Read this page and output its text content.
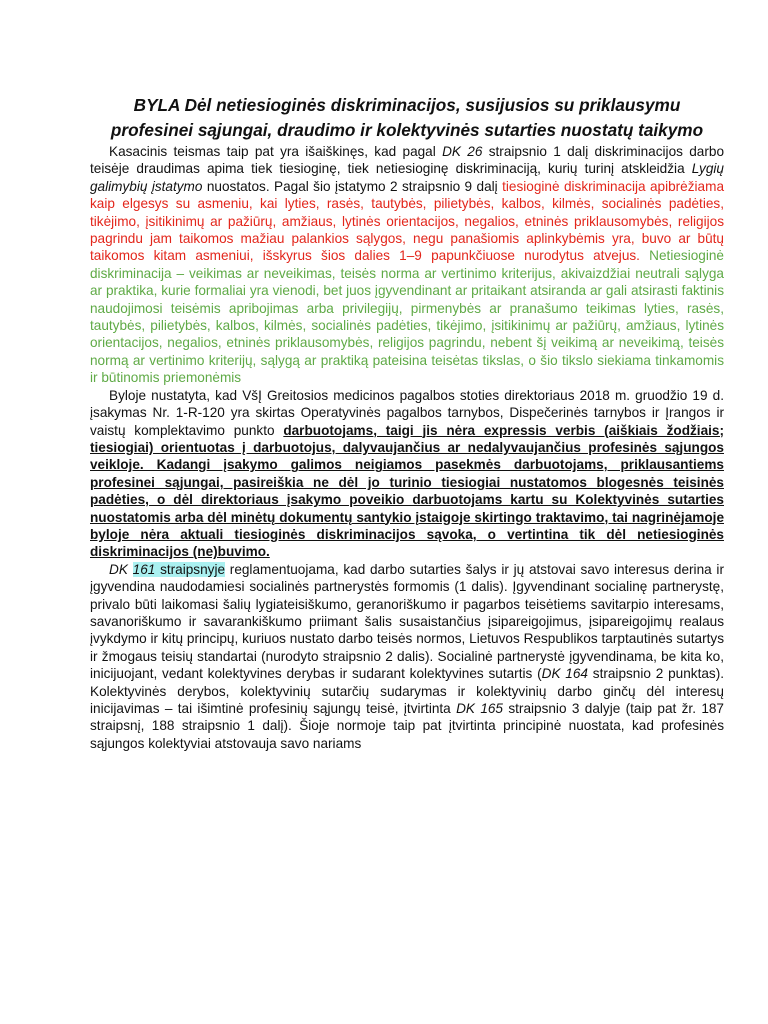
BYLA Dėl netiesioginės diskriminacijos, susijusios su priklausymu
profesinei sąjungai, draudimo ir kolektyvinės sutarties nuostatų taikymo

Kasacinis teismas taip pat yra išaiškinęs, kad pagal DK 26 straipsnio 1 dalį diskriminacijos darbo teisėje draudimas apima tiek tiesioginę, tiek netiesioginę diskriminaciją, kurių turinį atskleidžia Lygių galimybių įstatymo nuostatos. Pagal šio įstatymo 2 straipsnio 9 dalį tiesioginė diskriminacija apibrėžiama kaip elgesys su asmeniu, kai lyties, rasės, tautybės, pilietybės, kalbos, kilmės, socialinės padėties, tikėjimo, įsitikinimų ar pažiūrų, amžiaus, lytinės orientacijos, negalios, etninės priklausomybės, religijos pagrindu jam taikomos mažiau palankios sąlygos, negu panašiomis aplinkybėmis yra, buvo ar būtų taikomos kitam asmeniui, išskyrus šios dalies 1–9 papunkčiuose nurodytus atvejus. Netiesioginė diskriminacija – veikimas ar neveikimas, teisės norma ar vertinimo kriterijus, akivaizdžiai neutrali sąlyga ar praktika, kurie formaliai yra vienodi, bet juos įgyvendinant ar pritaikant atsiranda ar gali atsirasti faktinis naudojimosi teisėmis apribojimas arba privilegijų, pirmenybės ar pranašumo teikimas lyties, rasės, tautybės, pilietybės, kalbos, kilmės, socialinės padėties, tikėjimo, įsitikinimų ar pažiūrų, amžiaus, lytinės orientacijos, negalios, etninės priklausomybės, religijos pagrindu, nebent šį veikimą ar neveikimą, teisės normą ar vertinimo kriterijų, sąlygą ar praktiką pateisina teisėtas tikslas, o šio tikslo siekiama tinkamomis ir būtinomis priemonėmis

Byloje nustatyta, kad VšĮ Greitosios medicinos pagalbos stoties direktoriaus 2018 m. gruodžio 19 d. įsakymas Nr. 1-R-120 yra skirtas Operatyvinės pagalbos tarnybos, Dispečerinės tarnybos ir Įrangos ir vaistų komplektavimo punkto darbuotojams, taigi jis nėra expressis verbis (aiškiais žodžiais; tiesiogiai) orientuotas į darbuotojus, dalyvaujančius ar nedalyvaujančius profesinės sąjungos veikloje. Kadangi įsakymo galimos neigiamos pasekmės darbuotojams, priklausantiems profesinei sąjungai, pasireiškia ne dėl jo turinio tiesiogiai nustatomos blogesnės teisinės padėties, o dėl direktoriaus įsakymo poveikio darbuotojams kartu su Kolektyvinės sutarties nuostatomis arba dėl minėtų dokumentų santykio įstaigoje skirtingo traktavimo, tai nagrinėjamoje byloje nėra aktuali tiesioginės diskriminacijos sąvoka, o vertintina tik dėl netiesioginės diskriminacijos (ne)buvimo.

DK 161 straipsnyje reglamentuojama, kad darbo sutarties šalys ir jų atstovai savo interesus derina ir įgyvendina naudodamiesi socialinės partnerystės formomis (1 dalis). Įgyvendinant socialinę partnerystę, privalo būti laikomasi šalių lygiateisiškumo, geranoriškumo ir pagarbos teisėtiems savitarpio interesams, savanoriškumo ir savarankiškumo priimant šalis susaistančius įsipareigojimus, įsipareigojimų realaus įvykdymo ir kitų principų, kuriuos nustato darbo teisės normos, Lietuvos Respublikos tarptautinės sutartys ir žmogaus teisių standartai (nurodyto straipsnio 2 dalis). Socialinė partnerystė įgyvendinama, be kita ko, inicijuojant, vedant kolektyvines derybas ir sudarant kolektyvines sutartis (DK 164 straipsnio 2 punktas). Kolektyvinės derybos, kolektyvinių sutarčių sudarymas ir kolektyvinių darbo ginčų dėl interesų inicijavimas – tai išimtinė profesinių sąjungų teisė, įtvirtinta DK 165 straipsnio 3 dalyje (taip pat žr. 187 straipsnį, 188 straipsnio 1 dalį). Šioje normoje taip pat įtvirtinta principinė nuostata, kad profesinės sąjungos kolektyviai atstovauja savo nariams
